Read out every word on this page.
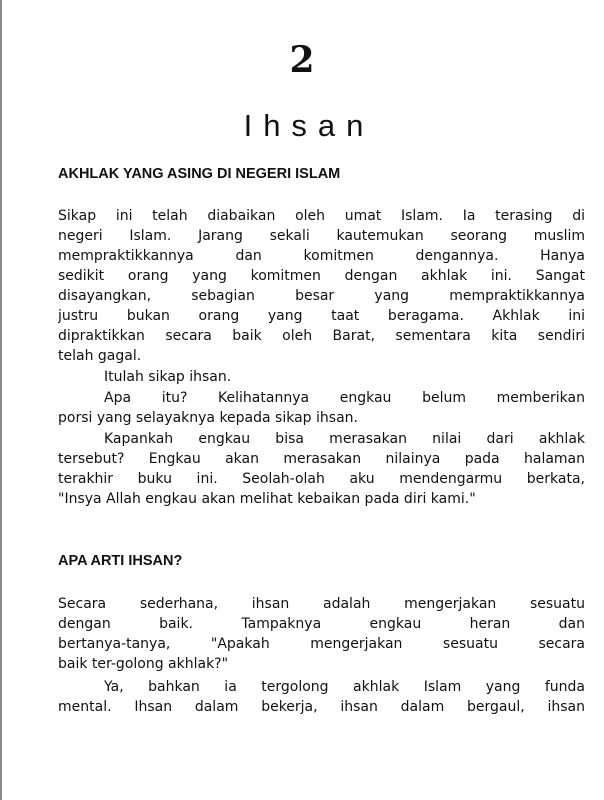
2
Ihsan
AKHLAK YANG ASING DI NEGERI ISLAM
Sikap ini telah diabaikan oleh umat Islam. Ia terasing di
negeri Islam. Jarang sekali kautemukan seorang muslim
mempraktikkannya dan komitmen dengannya. Hanya
sedikit orang yang komitmen dengan akhlak ini. Sangat
disayangkan, sebagian besar yang mempraktikkannya
justru bukan orang yang taat beragama. Akhlak ini
dipraktikkan secara baik oleh Barat, sementara kita sendiri
telah gagal.
Itulah sikap ihsan.
Apa itu? Kelihatannya engkau belum memberikan
porsi yang selayaknya kepada sikap ihsan.
Kapankah engkau bisa merasakan nilai dari akhlak
tersebut? Engkau akan merasakan nilainya pada halaman
terakhir buku ini. Seolah-olah aku mendengarmu berkata,
"Insya Allah engkau akan melihat kebaikan pada diri kami."
APA ARTI IHSAN?
Secara sederhana, ihsan adalah mengerjakan sesuatu
dengan baik. Tampaknya engkau heran dan
bertanya-tanya, "Apakah mengerjakan sesuatu secara
baik ter-golong akhlak?"
Ya, bahkan ia tergolong akhlak Islam yang funda
mental. Ihsan dalam bekerja, ihsan dalam bergaul, ihsan
